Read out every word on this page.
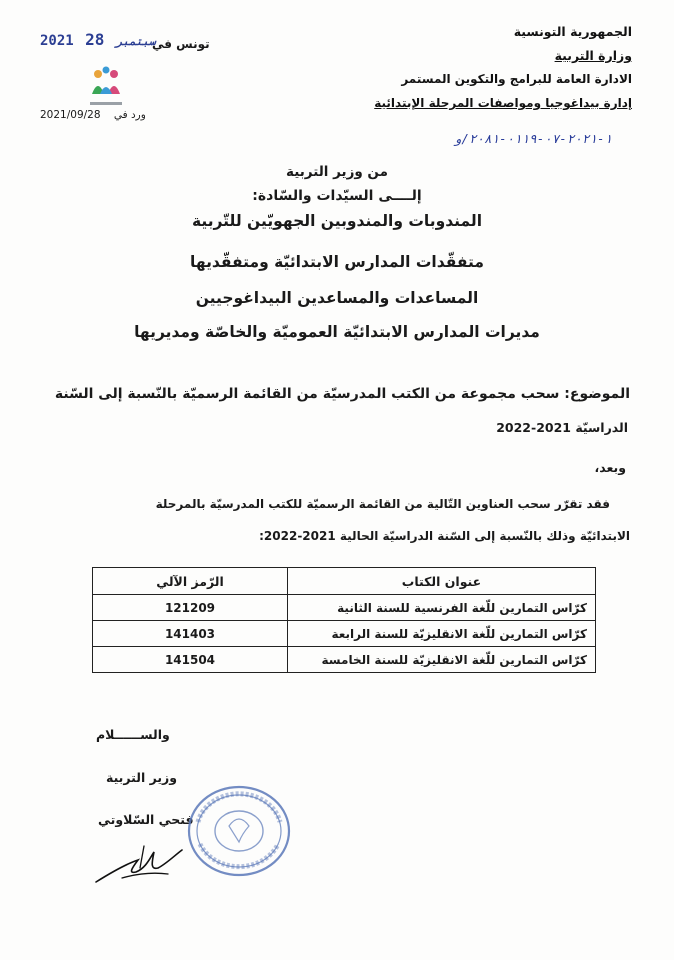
الجمهورية التونسية
وزارة التربية
الادارة العامة للبرامج والتكوين المستمر
إدارة بيداغوجيا ومواصفات المرحلة الإبتدائية
١-٢٠٢١-٠٧-٠١١٩-٢٠٨١/و
2021 28 سبتمبر
تونس في
2021/09/28 ورد في
من وزير التربية
إلــــى السيّدات والسّادة:
المندوبات والمندوبين الجهويّين للتّربية
متفقّدات المدارس الابتدائيّة ومتفقّديها
المساعدات والمساعدين البيداغوجيين
مديرات المدارس الابتدائيّة العموميّة والخاصّة ومديريها
الموضوع: سحب مجموعة من الكتب المدرسيّة من القائمة الرسميّة بالنّسبة إلى السّنة
الدراسيّة 2021-2022
وبعد،
فقد تقرّر سحب العناوين التّالية من القائمة الرسميّة للكتب المدرسيّة بالمرحلة
الابتدائيّة وذلك بالنّسبة إلى السّنة الدراسيّة الحالية 2021-2022:
عنوان الكتاب	الرّمز الآلي
كرّاس التمارين للّغة الفرنسية للسنة الثانية	121209
كرّاس التمارين للّغة الانقليزيّة للسنة الرابعة	141403
كرّاس التمارين للّغة الانقليزيّة للسنة الخامسة	141504
والســــــلام
وزير التربية
فتحي السّلاوتي
